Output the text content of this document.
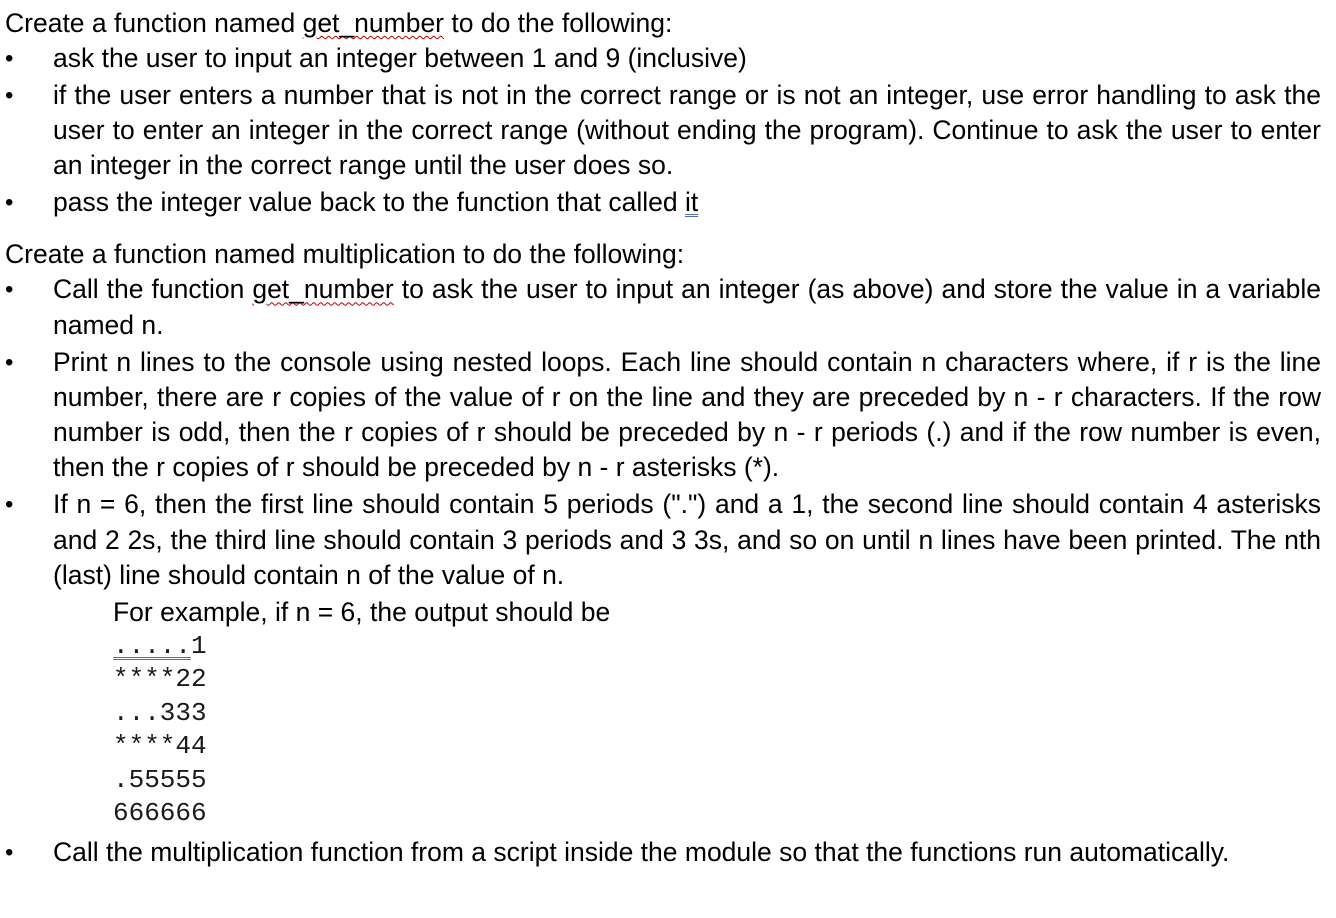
Create a function named get_number to do the following:

•	ask the user to input an integer between 1 and 9 (inclusive)
•	if the user enters a number that is not in the correct range or is not an integer, use error handling to ask the user to enter an integer in the correct range (without ending the program). Continue to ask the user to enter an integer in the correct range until the user does so.
•	pass the integer value back to the function that called it

Create a function named multiplication to do the following:

•	Call the function get_number to ask the user to input an integer (as above) and store the value in a variable named n.
•	Print n lines to the console using nested loops. Each line should contain n characters where, if r is the line number, there are r copies of the value of r on the line and they are preceded by n - r characters. If the row number is odd, then the r copies of r should be preceded by n - r periods (.) and if the row number is even, then the r copies of r should be preceded by n - r asterisks (*).
•	If n = 6, then the first line should contain 5 periods (".") and a 1, the second line should contain 4 asterisks and 2 2s, the third line should contain 3 periods and 3 3s, and so on until n lines have been printed. The nth (last) line should contain n of the value of n.
For example, if n = 6, the output should be
.....1
****22
...333
****44
.55555
666666
•	Call the multiplication function from a script inside the module so that the functions run automatically.
